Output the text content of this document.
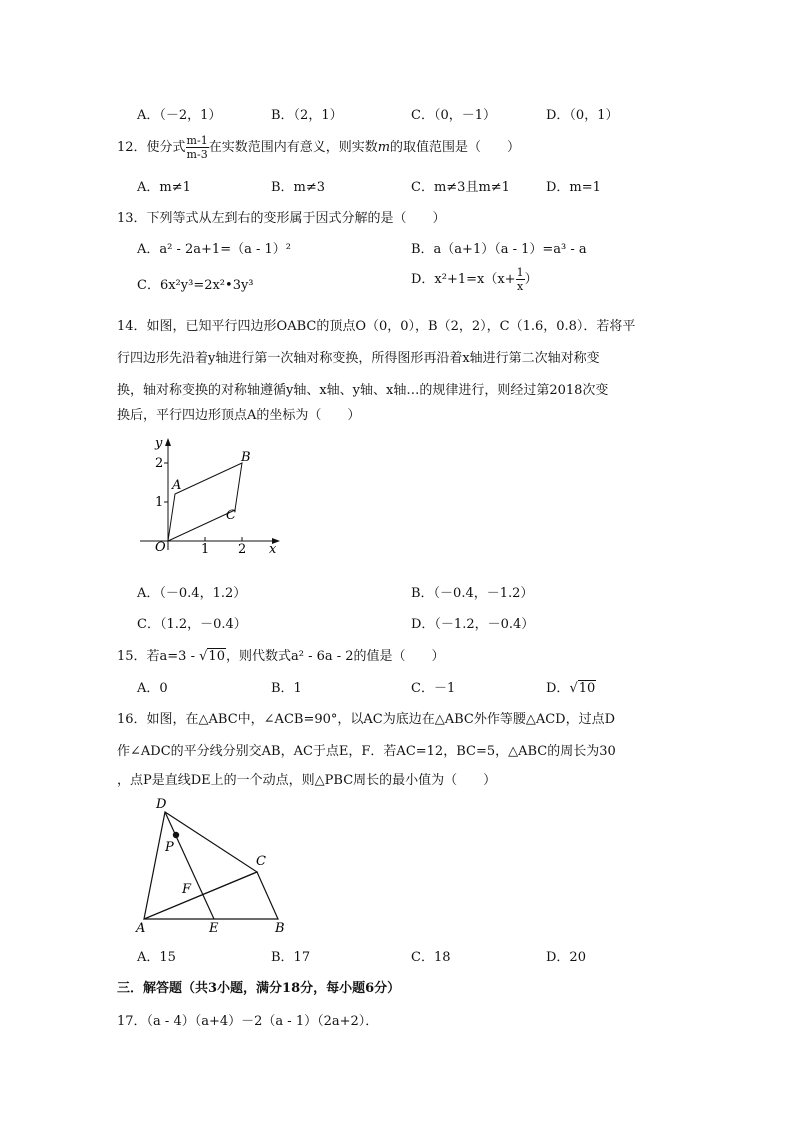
A．（－2，1）	B．（2，1）	C．（0，－1）	D．（0，1）
12．使分式 $\frac{m-1}{m-3}$ 在实数范围内有意义，则实数m的取值范围是（　　）
A．m≠1	B．m≠3	C．m≠3且m≠1	D．m=1
13．下列等式从左到右的变形属于因式分解的是（　　）
A．a² - 2a+1=（a - 1）²	B．a（a+1）（a - 1）=a³ - a
C．6x²y³=2x²•3y³	D．$x^2+1=x(x+ \frac{1}{x}$ ）
14．如图，已知平行四边形OABC的顶点O（0，0），B（2，2），C（1.6，0.8）．若将平
行四边形先沿着y轴进行第一次轴对称变换，所得图形再沿着x轴进行第二次轴对称变
换，轴对称变换的对称轴遵循y轴、x轴、y轴、x轴…的规律进行，则经过第2018次变
换后，平行四边形顶点A的坐标为（　　）
y
x
O
2
1
1 2
A
B
C
A．（－0.4，1.2）	B．（－0.4，－1.2）
C．（1.2，－0.4）	D．（－1.2，－0.4）
15．若a=3 - √10，则代数式a² - 6a - 2的值是（　　）
A．0	B．1	C．－1	D．√10
16．如图，在△ABC中，∠ACB=90°，以AC为底边在△ABC外作等腰△ACD，过点D
作∠ADC的平分线分别交AB，AC于点E，F．若AC=12，BC=5，△ABC的周长为30
，点P是直线DE上的一个动点，则△PBC周长的最小值为（　　）
D
P
C
F
A	E	B
A．15	B．17	C．18	D．20
三．解答题（共3小题，满分18分，每小题6分）
17．（a - 4）（a+4）－2（a - 1）（2a+2）．
